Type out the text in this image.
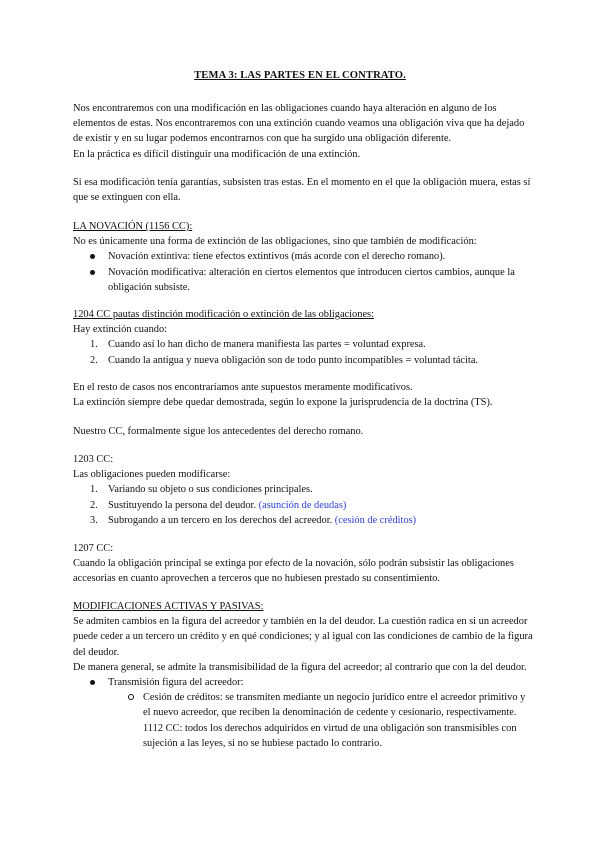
TEMA 3: LAS PARTES EN EL CONTRATO.

Nos encontraremos con una modificación en las obligaciones cuando haya alteración en alguno de los elementos de estas. Nos encontraremos con una extinción cuando veamos una obligación viva que ha dejado de existir y en su lugar podemos encontrarnos con que ha surgido una obligación diferente.

En la práctica es difícil distinguir una modificación de una extinción.

Si esa modificación tenía garantías, subsisten tras estas. En el momento en el que la obligación muera, estas sí que se extinguen con ella.

LA NOVACIÓN (1156 CC):

No es únicamente una forma de extinción de las obligaciones, sino que también de modificación:

Novación extintiva: tiene efectos extintivos (más acorde con el derecho romano).
Novación modificativa: alteración en ciertos elementos que introducen ciertos cambios, aunque la obligación subsiste.

1204 CC pautas distinción modificación o extinción de las obligaciones:

Hay extinción cuando:

1. Cuando así lo han dicho de manera manifiesta las partes = voluntad expresa.
2. Cuando la antigua y nueva obligación son de todo punto incompatibles = voluntad tácita.

En el resto de casos nos encontraríamos ante supuestos meramente modificativos.

La extinción siempre debe quedar demostrada, según lo expone la jurisprudencia de la doctrina (TS).

Nuestro CC, formalmente sigue los antecedentes del derecho romano.

1203 CC:

Las obligaciones pueden modificarse:

1. Variando su objeto o sus condiciones principales.
2. Sustituyendo la persona del deudor. (asunción de deudas)
3. Subrogando a un tercero en los derechos del acreedor. (cesión de créditos)

1207 CC:

Cuando la obligación principal se extinga por efecto de la novación, sólo podrán subsistir las obligaciones accesorias en cuanto aprovechen a terceros que no hubiesen prestado su consentimiento.

MODIFICACIONES ACTIVAS Y PASIVAS:

Se admiten cambios en la figura del acreedor y también en la del deudor. La cuestión radica en si un acreedor puede ceder a un tercero un crédito y en qué condiciones; y al igual con las condiciones de cambio de la figura del deudor.

De manera general, se admite la transmisibilidad de la figura del acreedor; al contrario que con la del deudor.

Transmisión figura del acreedor:
Cesión de créditos: se transmiten mediante un negocio jurídico entre el acreedor primitivo y el nuevo acreedor, que reciben la denominación de cedente y cesionario, respectivamente.

1112 CC: todos los derechos adquiridos en virtud de una obligación son transmisibles con sujeción a las leyes, si no se hubiese pactado lo contrario.
